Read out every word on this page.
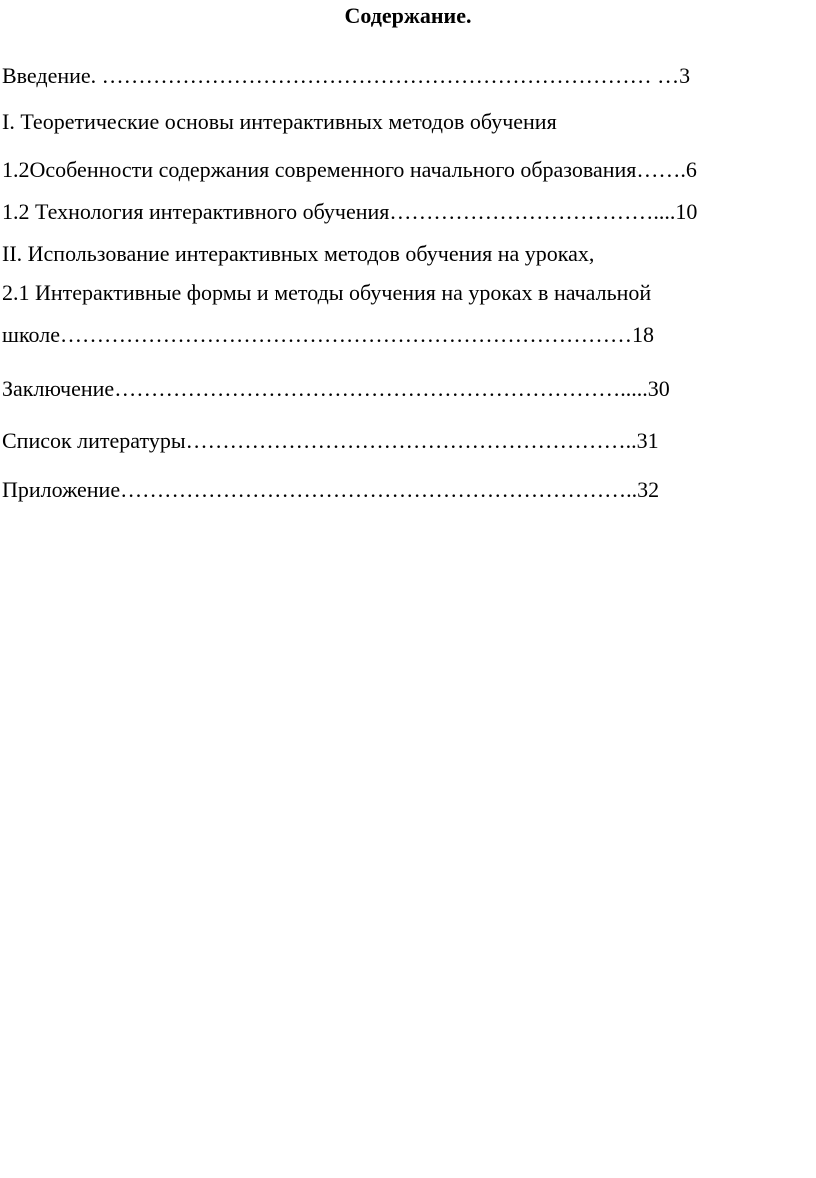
Содержание.
Введение. ………………………………………………………………… …3
I. Теоретические основы интерактивных методов обучения
1.2Особенности содержания современного начального образования…….6
1.2 Технология интерактивного обучения………………………………....10
II. Использование интерактивных методов обучения на уроках,
2.1 Интерактивные формы и методы обучения на уроках в начальной
школе……………………………………………………………………18
Заключение…………………………………………………………….....30
Список литературы……………………………………………………..31
Приложение……………………………………………………………..32
